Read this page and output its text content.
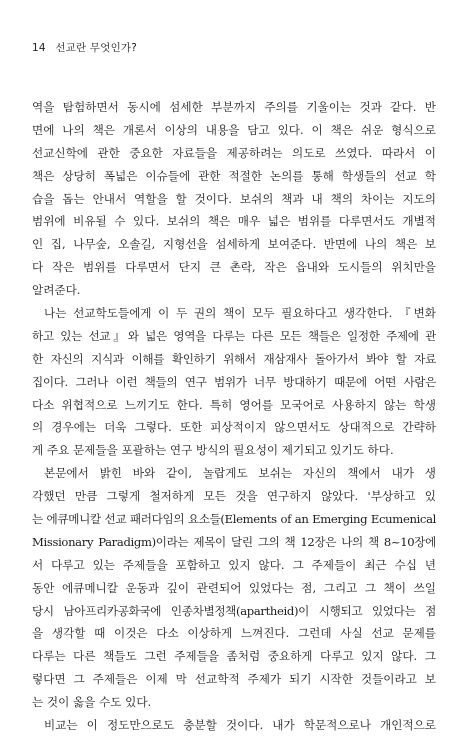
14 선교란 무엇인가?
역을 탐험하면서 동시에 섬세한 부분까지 주의를 기울이는 것과 같다. 반
면에 나의 책은 개론서 이상의 내용을 담고 있다. 이 책은 쉬운 형식으로
선교신학에 관한 중요한 자료들을 제공하려는 의도로 쓰였다. 따라서 이
책은 상당히 폭넓은 이슈들에 관한 적절한 논의를 통해 학생들의 선교 학
습을 돕는 안내서 역할을 할 것이다. 보쉬의 책과 내 책의 차이는 지도의
범위에 비유될 수 있다. 보쉬의 책은 매우 넓은 범위를 다루면서도 개별적
인 집, 나무숲, 오솔길, 지형선을 섬세하게 보여준다. 반면에 나의 책은 보
다 작은 범위를 다루면서 단지 큰 촌락, 작은 읍내와 도시들의 위치만을
알려준다.
나는 선교학도들에게 이 두 권의 책이 모두 필요하다고 생각한다. 『변화
하고 있는 선교』와 넓은 영역을 다루는 다른 모든 책들은 일정한 주제에 관
한 자신의 지식과 이해를 확인하기 위해서 재삼재사 돌아가서 봐야 할 자료
집이다. 그러나 이런 책들의 연구 범위가 너무 방대하기 때문에 어떤 사람은
다소 위협적으로 느끼기도 한다. 특히 영어를 모국어로 사용하지 않는 학생
의 경우에는 더욱 그렇다. 또한 피상적이지 않으면서도 상대적으로 간략하
게 주요 문제들을 포괄하는 연구 방식의 필요성이 제기되고 있기도 하다.
본문에서 밝힌 바와 같이, 놀랍게도 보쉬는 자신의 책에서 내가 생
각했던 만큼 그렇게 철저하게 모든 것을 연구하지 않았다. '부상하고 있
는 에큐메니칼 선교 패러다임의 요소들(Elements of an Emerging Ecumenical
Missionary Paradigm)이라는 제목이 달린 그의 책 12장은 나의 책 8~10장에
서 다루고 있는 주제들을 포함하고 있지 않다. 그 주제들이 최근 수십 년
동안 에큐메니칼 운동과 깊이 관련되어 있었다는 점, 그리고 그 책이 쓰일
당시 남아프리카공화국에 인종차별정책(apartheid)이 시행되고 있었다는 점
을 생각할 때 이것은 다소 이상하게 느껴진다. 그런데 사실 선교 문제를
다루는 다른 책들도 그런 주제들을 좀처럼 중요하게 다루고 있지 않다. 그
렇다면 그 주제들은 이제 막 선교학적 주제가 되기 시작한 것들이라고 보
는 것이 옳을 수도 있다.
비교는 이 정도만으로도 충분할 것이다. 내가 학문적으로나 개인적으로
